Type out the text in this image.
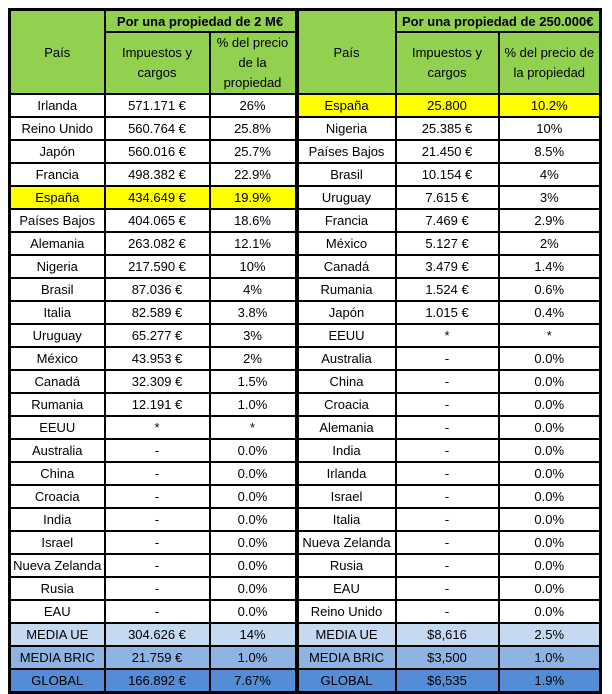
País	Por una propiedad de 2 M€		País	Por una propiedad de 250.000€	
	Impuestos y cargos	% del precio de la propiedad		Impuestos y cargos	% del precio de la propiedad
Irlanda	571.171 €	26%	España	25.800	10.2%
Reino Unido	560.764 €	25.8%	Nigeria	25.385 €	10%
Japón	560.016 €	25.7%	Países Bajos	21.450 €	8.5%
Francia	498.382 €	22.9%	Brasil	10.154 €	4%
España	434.649 €	19.9%	Uruguay	7.615 €	3%
Países Bajos	404.065 €	18.6%	Francia	7.469 €	2.9%
Alemania	263.082 €	12.1%	México	5.127 €	2%
Nigeria	217.590 €	10%	Canadá	3.479 €	1.4%
Brasil	87.036 €	4%	Rumania	1.524 €	0.6%
Italia	82.589 €	3.8%	Japón	1.015 €	0.4%
Uruguay	65.277 €	3%	EEUU	*	*
México	43.953 €	2%	Australia	-	0.0%
Canadá	32.309 €	1.5%	China	-	0.0%
Rumania	12.191 €	1.0%	Croacia	-	0.0%
EEUU	*	*	Alemania	-	0.0%
Australia	-	0.0%	India	-	0.0%
China	-	0.0%	Irlanda	-	0.0%
Croacia	-	0.0%	Israel	-	0.0%
India	-	0.0%	Italia	-	0.0%
Israel	-	0.0%	Nueva Zelanda	-	0.0%
Nueva Zelanda	-	0.0%	Rusia	-	0.0%
Rusia	-	0.0%	EAU	-	0.0%
EAU	-	0.0%	Reino Unido	-	0.0%
MEDIA UE	304.626 €	14%	MEDIA UE	$8,616	2.5%
MEDIA BRIC	21.759 €	1.0%	MEDIA BRIC	$3,500	1.0%
GLOBAL	166.892 €	7.67%	GLOBAL	$6,535	1.9%
